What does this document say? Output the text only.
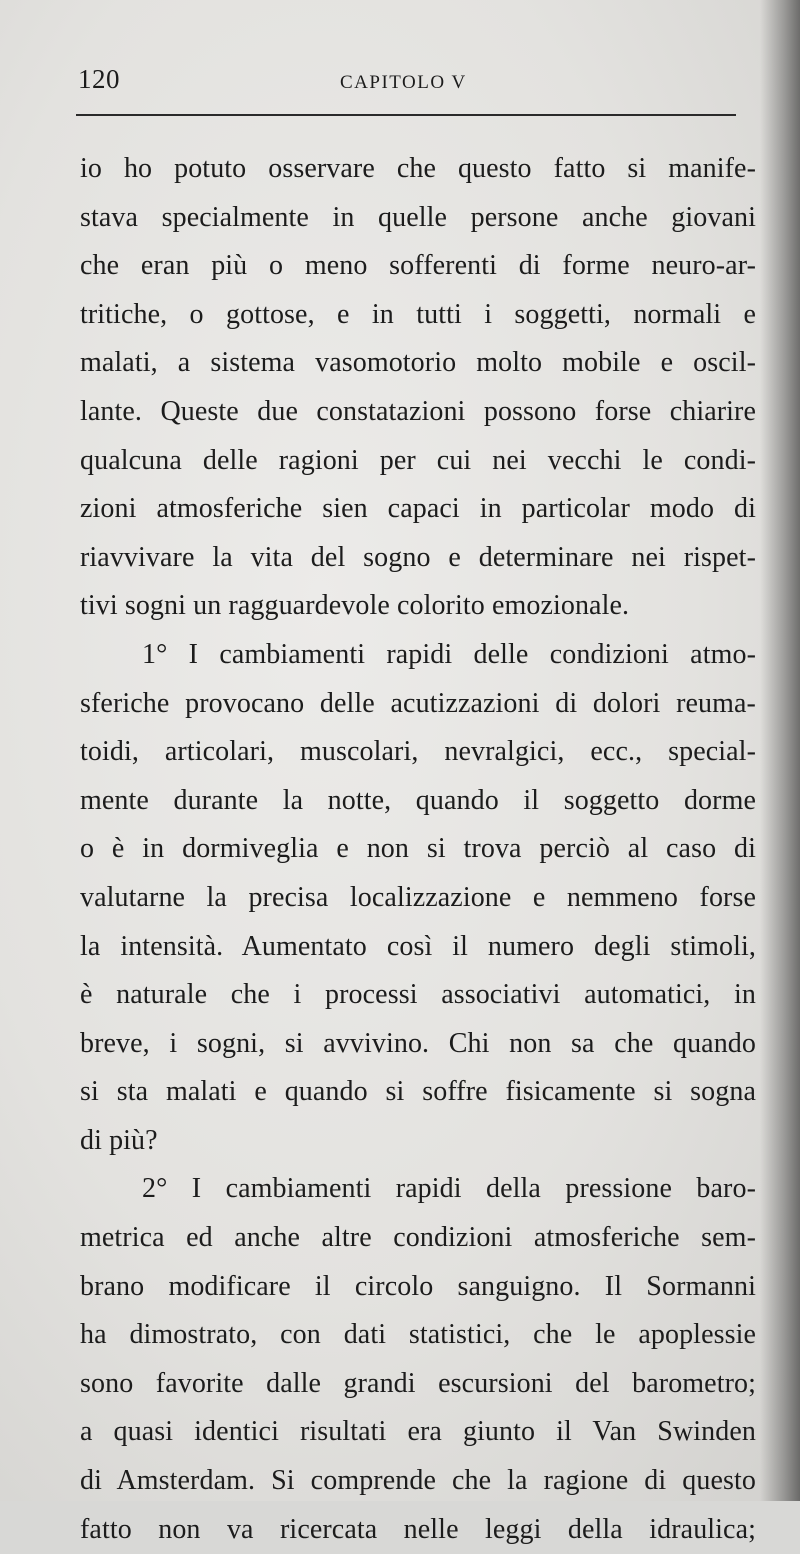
120	CAPITOLO V
io ho potuto osservare che questo fatto si manife-
stava specialmente in quelle persone anche giovani
che eran più o meno sofferenti di forme neuro-ar-
tritiche, o gottose, e in tutti i soggetti, normali e
malati, a sistema vasomotorio molto mobile e oscil-
lante. Queste due constatazioni possono forse chiarire
qualcuna delle ragioni per cui nei vecchi le condi-
zioni atmosferiche sien capaci in particolar modo di
riavvivare la vita del sogno e determinare nei rispet-
tivi sogni un ragguardevole colorito emozionale.
1° I cambiamenti rapidi delle condizioni atmo-
sferiche provocano delle acutizzazioni di dolori reuma-
toidi, articolari, muscolari, nevralgici, ecc., special-
mente durante la notte, quando il soggetto dorme
o è in dormiveglia e non si trova perciò al caso di
valutarne la precisa localizzazione e nemmeno forse
la intensità. Aumentato così il numero degli stimoli,
è naturale che i processi associativi automatici, in
breve, i sogni, si avvivino. Chi non sa che quando
si sta malati e quando si soffre fisicamente si sogna
di più?
2° I cambiamenti rapidi della pressione baro-
metrica ed anche altre condizioni atmosferiche sem-
brano modificare il circolo sanguigno. Il Sormanni
ha dimostrato, con dati statistici, che le apoplessie
sono favorite dalle grandi escursioni del barometro;
a quasi identici risultati era giunto il Van Swinden
di Amsterdam. Si comprende che la ragione di questo
fatto non va ricercata nelle leggi della idraulica;
